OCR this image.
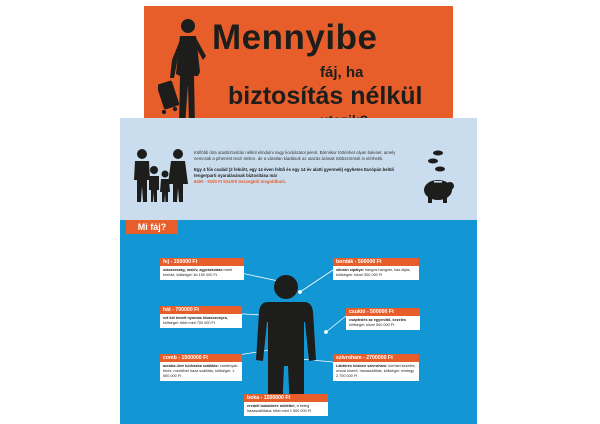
Mennyibe
fáj, ha
biztosítás nélkül
Külföldi útra utasbiztosítás nélkül elindulni nagy kockázatot jelent. Bármikor történhet olyan baleset, amely nemcsak a pihenést teszi tönkre, de a váratlan kiadások az utazás árának többszörösét is elérhetik.
Egy 4 fős család (2 felnőtt, egy 14 éven felüli és egy 14 év alatti gyermek) egyhetes Európán belüli tengerparti nyaralásának biztosítása már
6400 - 9100 Ft közötti összegből megoldható.
Mi fáj?
fej - 150000 Ft
olaszország, malév, agyrázkódás miatt kórház, költségei: kb 150 000 Ft
hát - 700000 Ft
ezt két kezelt nyomás kisasszonyra, költségei: több mint 700 000 Ft
comb - 1500000 Ft
autóba ülve kórházba szállítás: combnyak-törés, mentővel haza szállítás, költségei: 1 500 000 Ft
boka - 1500000 Ft
eredeti bokatörés műtéttel, a beteg hazaszállítása: több mint 1 500 000 Ft
bordák - 500000 Ft
sítúrán sípálya: hangos hangver, has-fájás, költségek: közel 500 000 Ft
csukló - 500000 Ft
csapfedés az egyenlítő, kezelés költségei: közel 500 000 Ft
szívroham - 2700000 Ft
Lábtörés közben szívroham: kórházi kezelés, orvosi kísérő, hazaszállítás, költségei: mintegy 2 700 000 Ft
